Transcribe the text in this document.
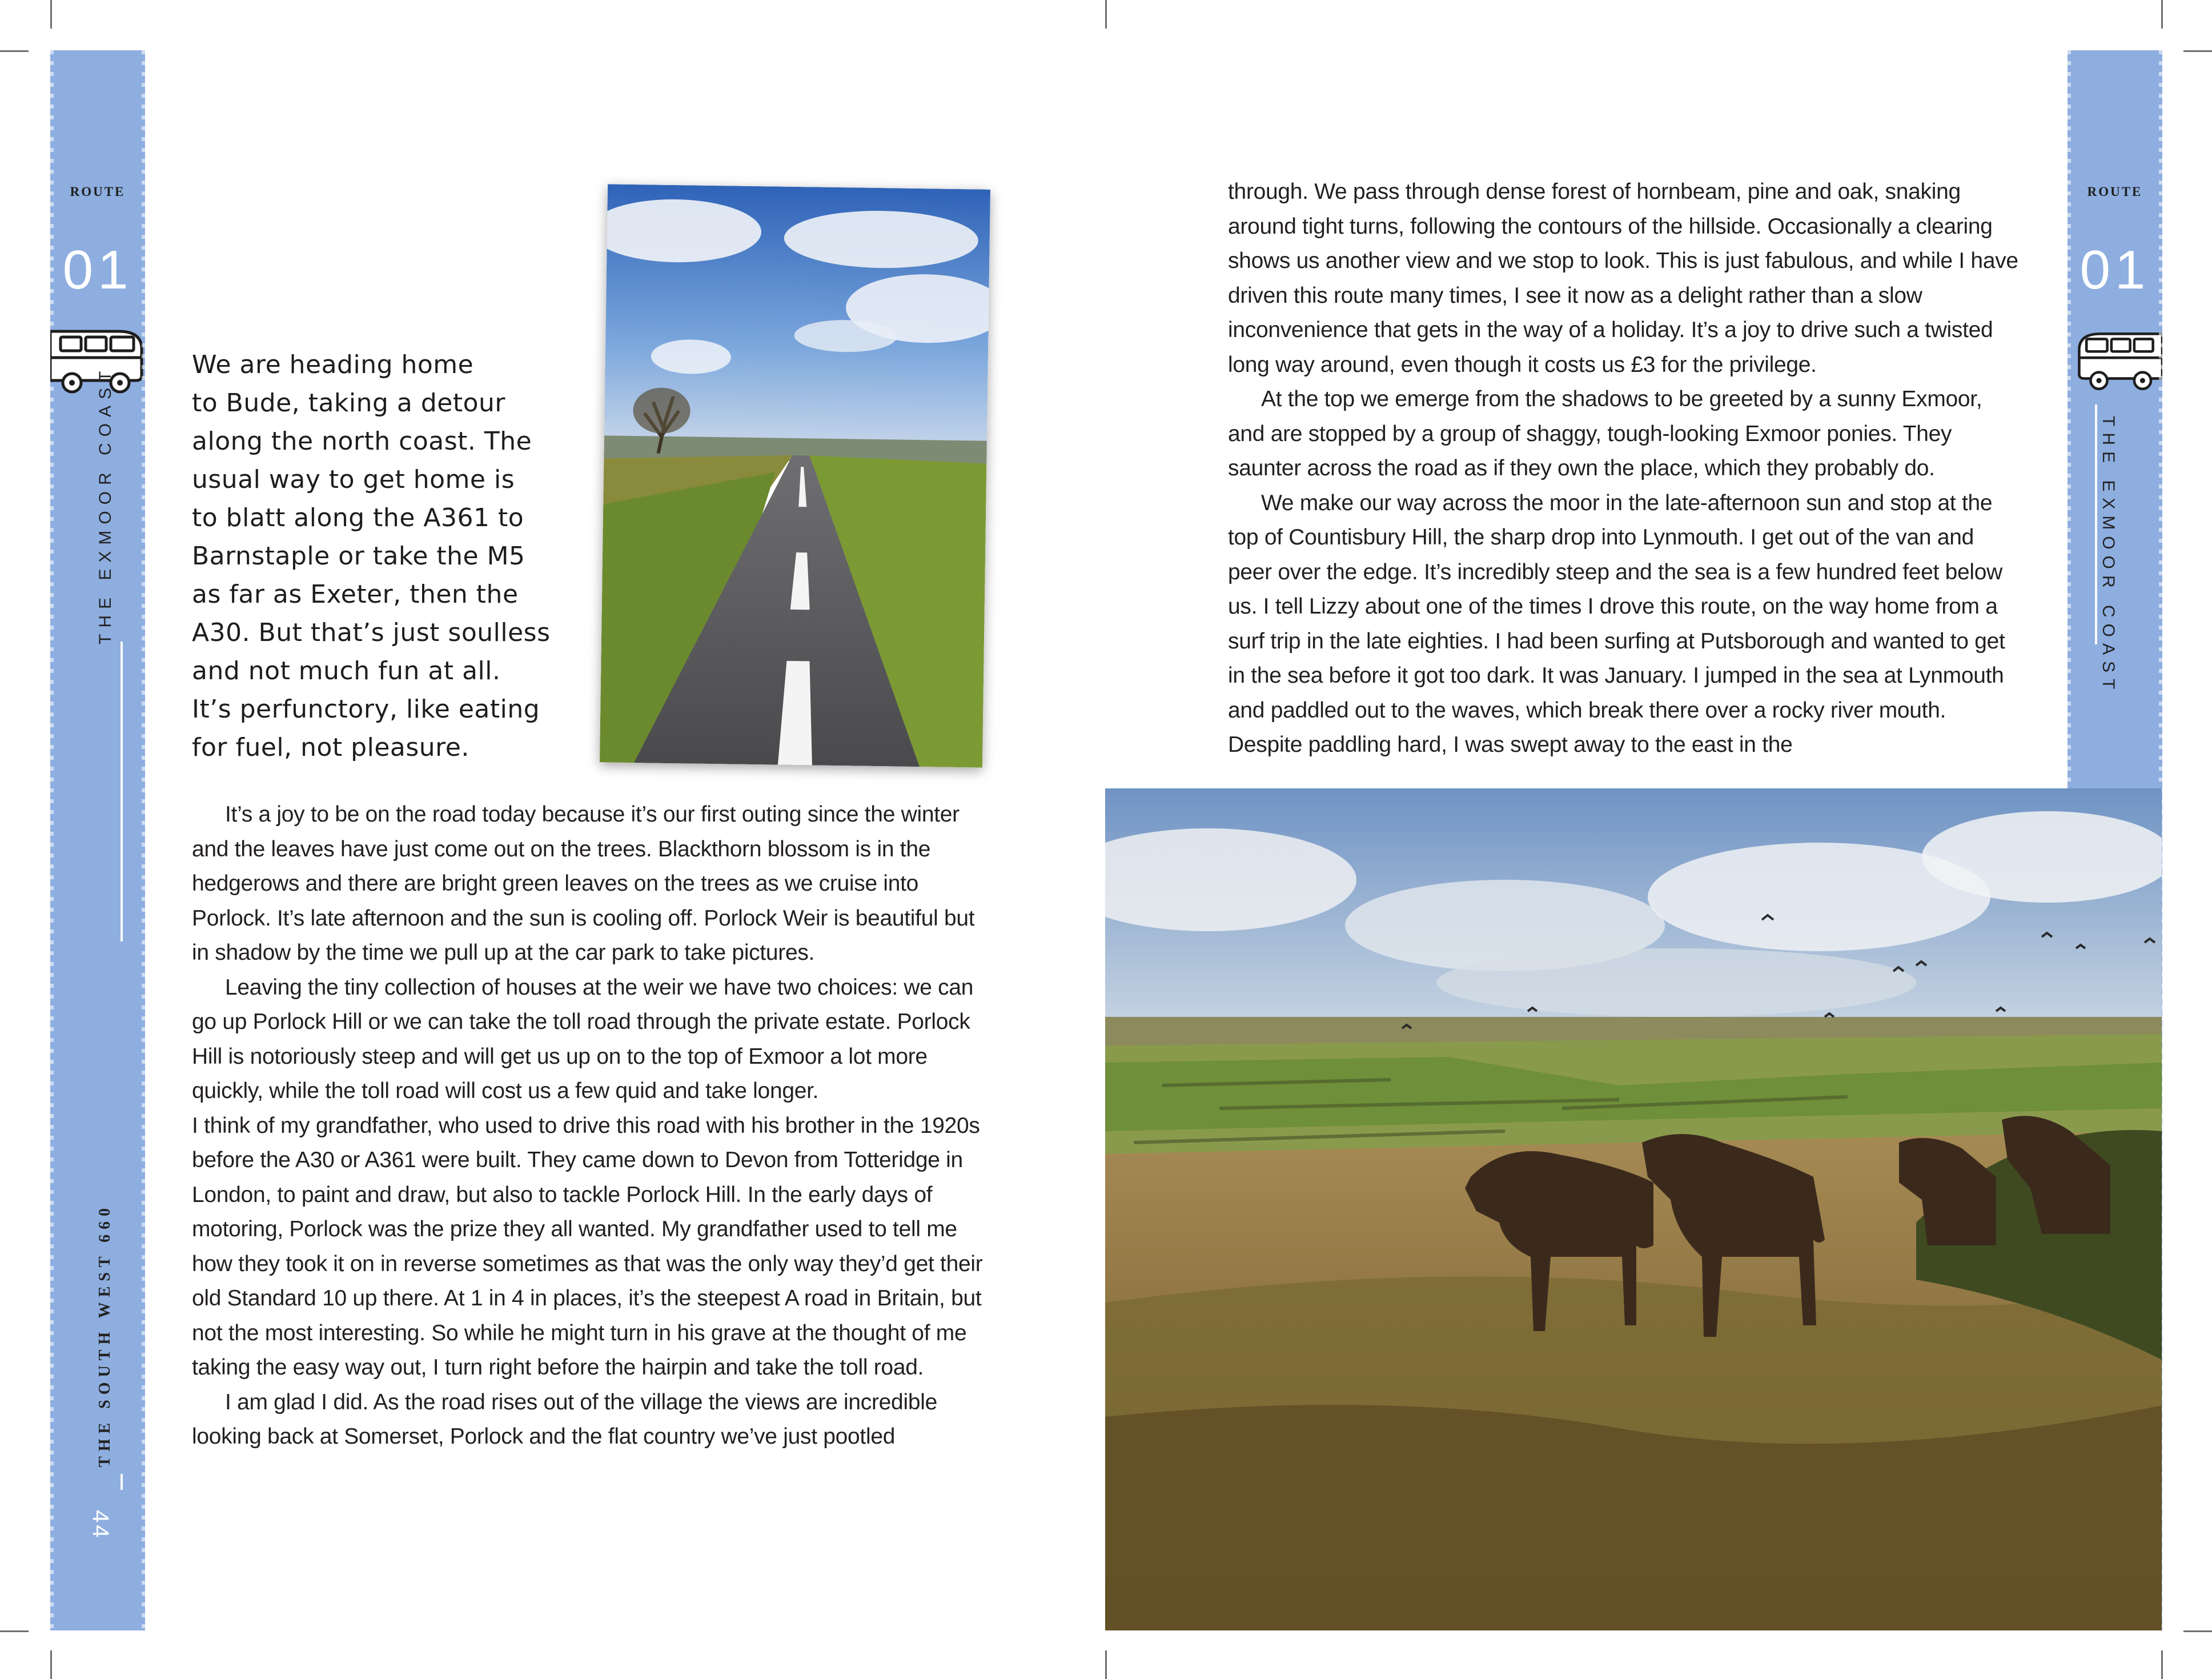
ROUTE
01
THE EXMOOR COAST
THE SOUTH WEST 660
44
ROUTE
01
THE EXMOOR COAST
We are heading home
to Bude, taking a detour
along the north coast. The
usual way to get home is
to blatt along the A361 to
Barnstaple or take the M5
as far as Exeter, then the
A30. But that’s just soulless
and not much fun at all.
It’s perfunctory, like eating
for fuel, not pleasure.

It’s a joy to be on the road today because it’s our first outing since the winter and the leaves have just come out on the trees. Blackthorn blossom is in the hedgerows and there are bright green leaves on the trees as we cruise into Porlock. It’s late afternoon and the sun is cooling off. Porlock Weir is beautiful but in shadow by the time we pull up at the car park to take pictures.

Leaving the tiny collection of houses at the weir we have two choices: we can go up Porlock Hill or we can take the toll road through the private estate. Porlock Hill is notoriously steep and will get us up on to the top of Exmoor a lot more quickly, while the toll road will cost us a few quid and take longer.

I think of my grandfather, who used to drive this road with his brother in the 1920s before the A30 or A361 were built. They came down to Devon from Totteridge in London, to paint and draw, but also to tackle Porlock Hill. In the early days of motoring, Porlock was the prize they all wanted. My grandfather used to tell me how they took it on in reverse sometimes as that was the only way they’d get their old Standard 10 up there. At 1 in 4 in places, it’s the steepest A road in Britain, but not the most interesting. So while he might turn in his grave at the thought of me taking the easy way out, I turn right before the hairpin and take the toll road.

I am glad I did. As the road rises out of the village the views are incredible looking back at Somerset, Porlock and the flat country we’ve just pootled

through. We pass through dense forest of hornbeam, pine and oak, snaking around tight turns, following the contours of the hillside. Occasionally a clearing shows us another view and we stop to look. This is just fabulous, and while I have driven this route many times, I see it now as a delight rather than a slow inconvenience that gets in the way of a holiday. It’s a joy to drive such a twisted long way around, even though it costs us £3 for the privilege.

At the top we emerge from the shadows to be greeted by a sunny Exmoor, and are stopped by a group of shaggy, tough-looking Exmoor ponies. They saunter across the road as if they own the place, which they probably do.

We make our way across the moor in the late-afternoon sun and stop at the top of Countisbury Hill, the sharp drop into Lynmouth. I get out of the van and peer over the edge. It’s incredibly steep and the sea is a few hundred feet below us. I tell Lizzy about one of the times I drove this route, on the way home from a surf trip in the late eighties. I had been surfing at Putsborough and wanted to get in the sea before it got too dark. It was January. I jumped in the sea at Lynmouth and paddled out to the waves, which break there over a rocky river mouth. Despite paddling hard, I was swept away to the east in the
